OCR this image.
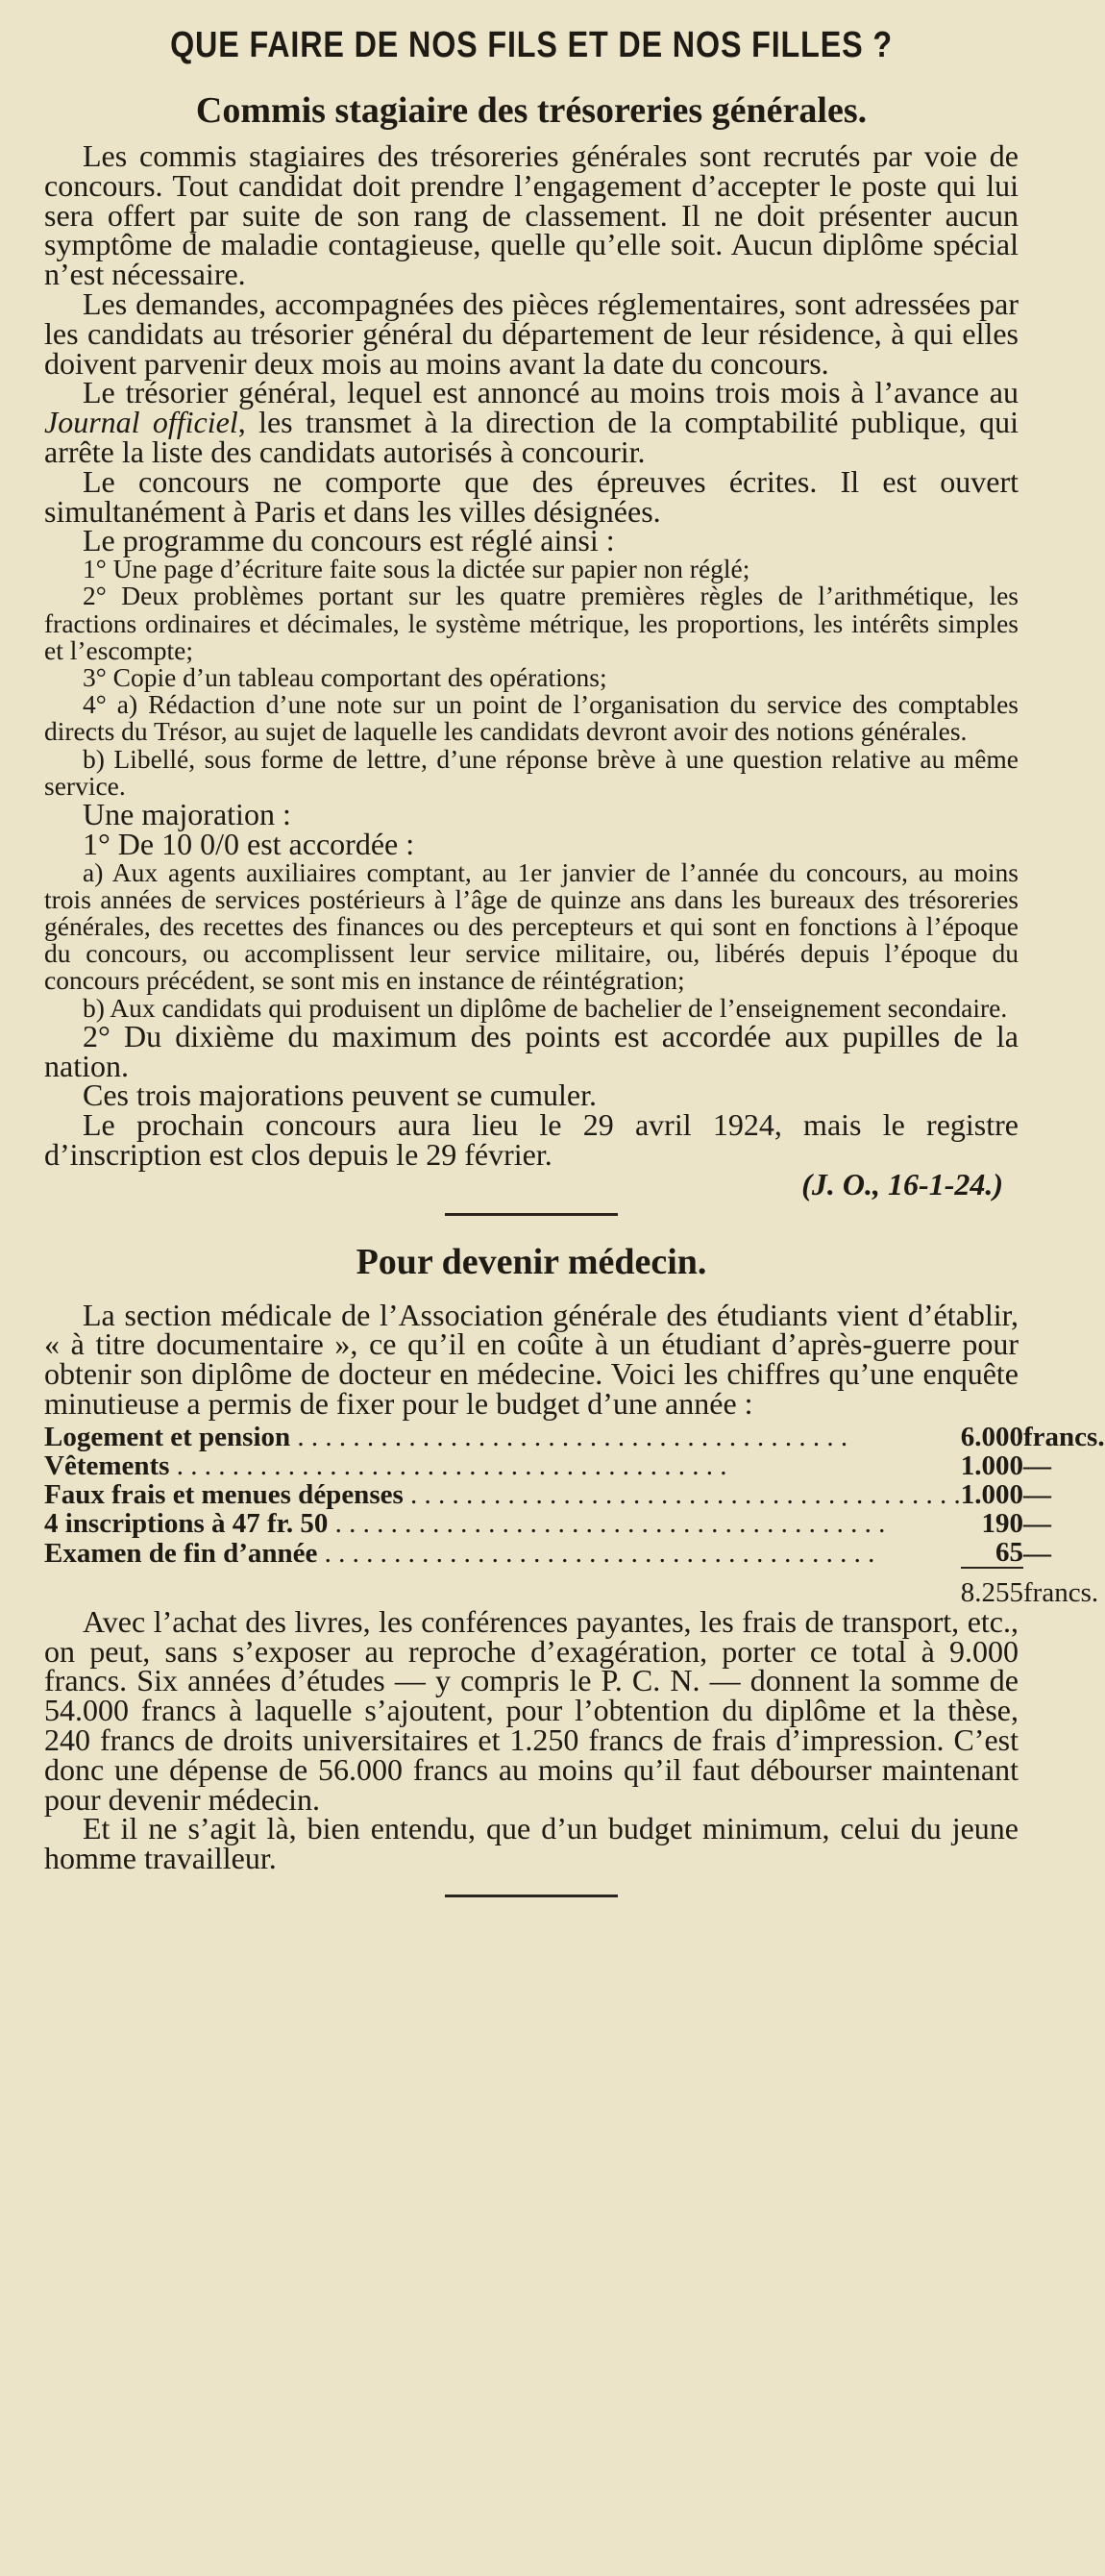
QUE FAIRE DE NOS FILS ET DE NOS FILLES ?
Commis stagiaire des trésoreries générales.

Les commis stagiaires des trésoreries générales sont recrutés par voie de concours. Tout candidat doit prendre l’engagement d’accepter le poste qui lui sera offert par suite de son rang de classement. Il ne doit présenter aucun symptôme de maladie contagieuse, quelle qu’elle soit. Aucun diplôme spécial n’est nécessaire.

Les demandes, accompagnées des pièces réglementaires, sont adressées par les candidats au trésorier général du département de leur résidence, à qui elles doivent parvenir deux mois au moins avant la date du concours.

Le trésorier général, lequel est annoncé au moins trois mois à l’avance au Journal officiel, les transmet à la direction de la comptabilité publique, qui arrête la liste des candidats autorisés à concourir.

Le concours ne comporte que des épreuves écrites. Il est ouvert simultanément à Paris et dans les villes désignées.

Le programme du concours est réglé ainsi :

1° Une page d’écriture faite sous la dictée sur papier non réglé;

2° Deux problèmes portant sur les quatre premières règles de l’arithmétique, les fractions ordinaires et décimales, le système métrique, les proportions, les intérêts simples et l’escompte;

3° Copie d’un tableau comportant des opérations;

4° a) Rédaction d’une note sur un point de l’organisation du service des comptables directs du Trésor, au sujet de laquelle les candidats devront avoir des notions générales.

b) Libellé, sous forme de lettre, d’une réponse brève à une question relative au même service.

Une majoration :

1° De 10 0/0 est accordée :

a) Aux agents auxiliaires comptant, au 1er janvier de l’année du concours, au moins trois années de services postérieurs à l’âge de quinze ans dans les bureaux des trésoreries générales, des recettes des finances ou des percepteurs et qui sont en fonctions à l’époque du concours, ou accomplissent leur service militaire, ou, libérés depuis l’époque du concours précédent, se sont mis en instance de réintégration;

b) Aux candidats qui produisent un diplôme de bachelier de l’enseignement secondaire.

2° Du dixième du maximum des points est accordée aux pupilles de la nation.

Ces trois majorations peuvent se cumuler.

Le prochain concours aura lieu le 29 avril 1924, mais le registre d’inscription est clos depuis le 29 février.

(J. O., 16-1-24.)

Pour devenir médecin.

La section médicale de l’Association générale des étudiants vient d’établir, « à titre documentaire », ce qu’il en coûte à un étudiant d’après-guerre pour obtenir son diplôme de docteur en médecine. Voici les chiffres qu’une enquête minutieuse a permis de fixer pour le budget d’une année :

Logement et pension . . . . . . . . . . . . . . . . . . . . . . . . . . . . . . . . . . . . . . . .	6.000	francs.
Vêtements . . . . . . . . . . . . . . . . . . . . . . . . . . . . . . . . . . . . . . . .	1.000	—
Faux frais et menues dépenses . . . . . . . . . . . . . . . . . . . . . . . . . . . . . . . . . . . . . . . .	1.000	—
4 inscriptions à 47 fr. 50 . . . . . . . . . . . . . . . . . . . . . . . . . . . . . . . . . . . . . . . .	190	—
Examen de fin d’année . . . . . . . . . . . . . . . . . . . . . . . . . . . . . . . . . . . . . . . .	65	—
	8.255	francs.

Avec l’achat des livres, les conférences payantes, les frais de transport, etc., on peut, sans s’exposer au reproche d’exagération, porter ce total à 9.000 francs. Six années d’études — y compris le P. C. N. — donnent la somme de 54.000 francs à laquelle s’ajoutent, pour l’obtention du diplôme et la thèse, 240 francs de droits universitaires et 1.250 francs de frais d’impression. C’est donc une dépense de 56.000 francs au moins qu’il faut débourser maintenant pour devenir médecin.

Et il ne s’agit là, bien entendu, que d’un budget minimum, celui du jeune homme travailleur.
